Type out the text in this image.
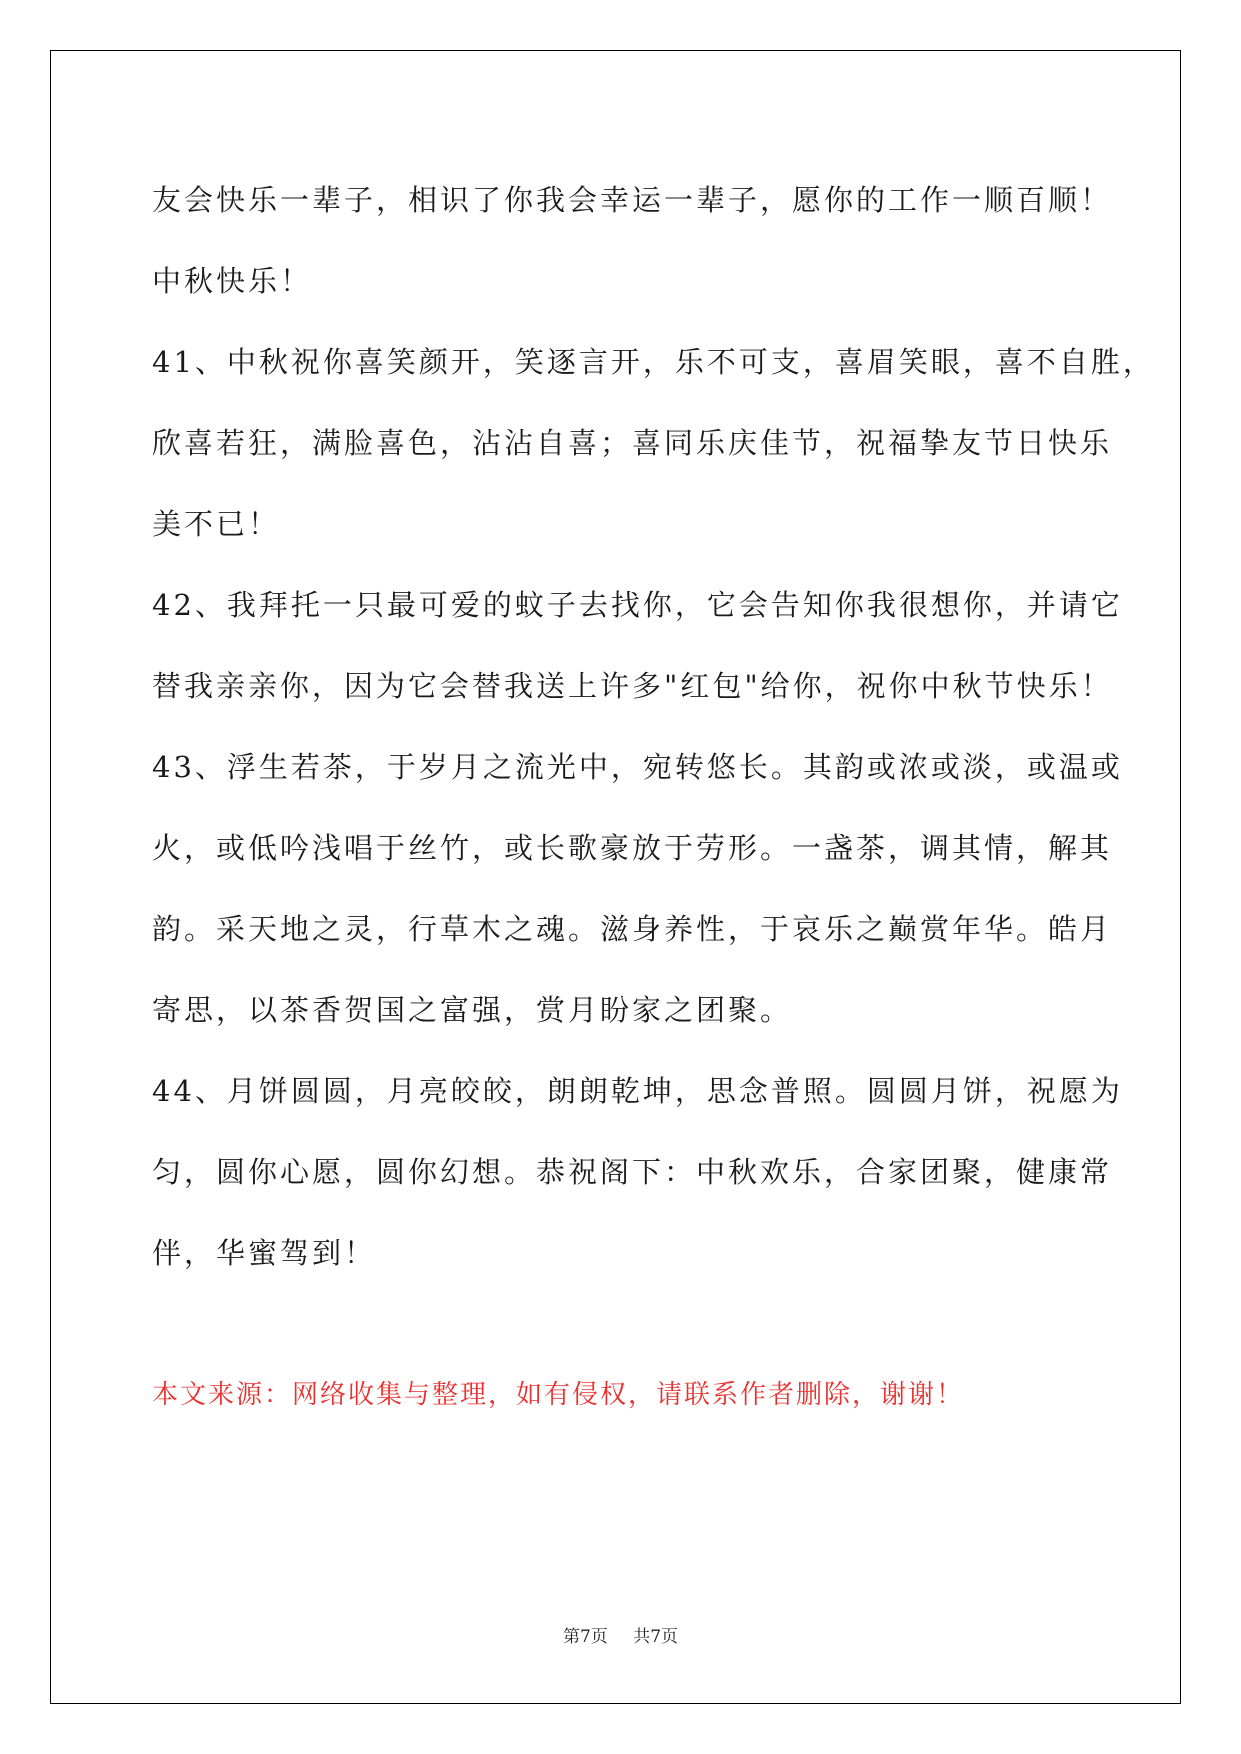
友会快乐一辈子，相识了你我会幸运一辈子，愿你的工作一顺百顺！
中秋快乐！
41、中秋祝你喜笑颜开，笑逐言开，乐不可支，喜眉笑眼，喜不自胜，
欣喜若狂，满脸喜色，沾沾自喜；喜同乐庆佳节，祝福挚友节日快乐
美不已！
42、我拜托一只最可爱的蚊子去找你，它会告知你我很想你，并请它
替我亲亲你，因为它会替我送上许多"红包"给你，祝你中秋节快乐！
43、浮生若茶，于岁月之流光中，宛转悠长。其韵或浓或淡，或温或
火，或低吟浅唱于丝竹，或长歌豪放于劳形。一盏茶，调其情，解其
韵。采天地之灵，行草木之魂。滋身养性，于哀乐之巅赏年华。皓月
寄思，以茶香贺国之富强，赏月盼家之团聚。
44、月饼圆圆，月亮皎皎，朗朗乾坤，思念普照。圆圆月饼，祝愿为
匀，圆你心愿，圆你幻想。恭祝阁下：中秋欢乐，合家团聚，健康常
伴，华蜜驾到！
本文来源：网络收集与整理，如有侵权，请联系作者删除，谢谢！
第7页 共7页
